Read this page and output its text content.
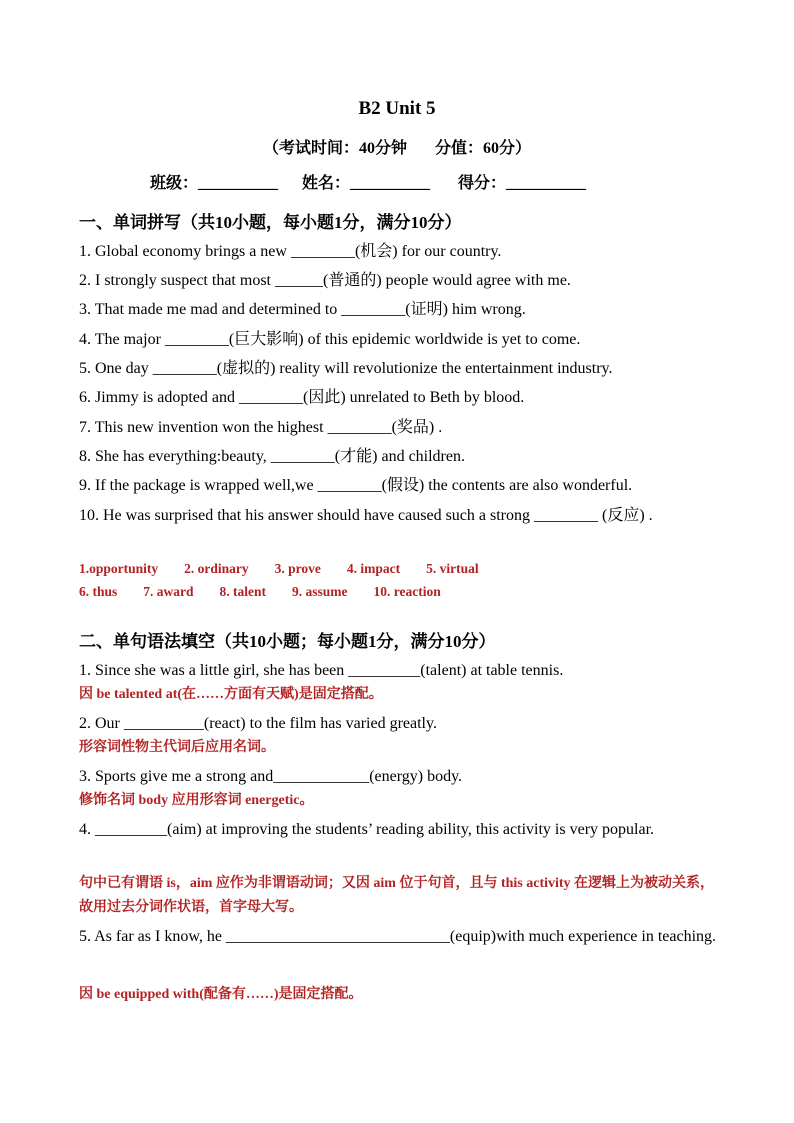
B2 Unit 5
（考试时间：40分钟 分值：60分）
班级：__________ 姓名：__________ 得分：__________
一、单词拼写（共10小题，每小题1分，满分10分）
1. Global economy brings a new ________(机会) for our country.
2. I strongly suspect that most ______(普通的) people would agree with me.
3. That made me mad and determined to ________(证明) him wrong.
4. The major ________(巨大影响) of this epidemic worldwide is yet to come.
5. One day ________(虚拟的) reality will revolutionize the entertainment industry.
6. Jimmy is adopted and ________(因此) unrelated to Beth by blood.
7. This new invention won the highest ________(奖品) .
8. She has everything:beauty, ________(才能) and children.
9. If the package is wrapped well,we ________(假设) the contents are also wonderful.
10. He was surprised that his answer should have caused such a strong ________ (反应) .
1.opportunity 2. ordinary 3. prove 4. impact 5. virtual
6. thus 7. award 8. talent 9. assume 10. reaction
二、单句语法填空（共10小题；每小题1分，满分10分）
1. Since she was a little girl, she has been _________(talent) at table tennis.
因 be talented at(在……方面有天赋)是固定搭配。
2. Our __________(react) to the film has varied greatly.
形容词性物主代词后应用名词。
3. Sports give me a strong and____________(energy) body.
修饰名词 body 应用形容词 energetic。
4. _________(aim) at improving the students’ reading ability, this activity is very popular.
句中已有谓语 is，aim 应作为非谓语动词；又因 aim 位于句首，且与 this activity 在逻辑上为被动关系，故用过去分词作状语，首字母大写。
5. As far as I know, he ____________________________(equip)with much experience in teaching.
因 be equipped with(配备有……)是固定搭配。
